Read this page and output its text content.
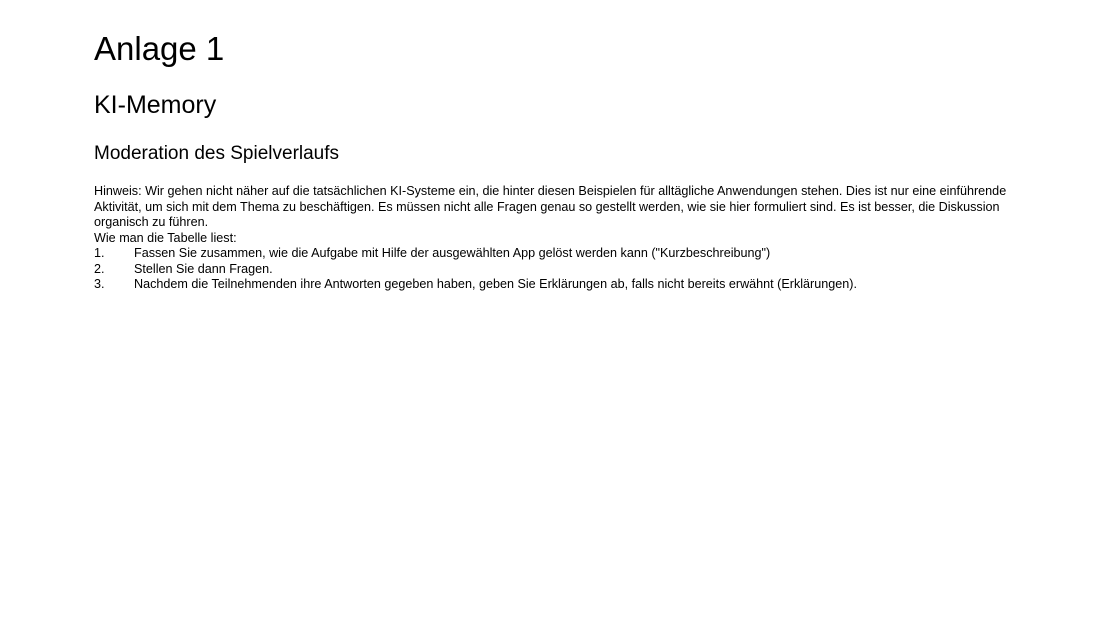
Anlage 1
KI-Memory
Moderation des Spielverlaufs

Hinweis: Wir gehen nicht näher auf die tatsächlichen KI-Systeme ein, die hinter diesen Beispielen für alltägliche Anwendungen stehen. Dies ist nur eine einführende Aktivität, um sich mit dem Thema zu beschäftigen. Es müssen nicht alle Fragen genau so gestellt werden, wie sie hier formuliert sind. Es ist besser, die Diskussion organisch zu führen.

Wie man die Tabelle liest:

1. Fassen Sie zusammen, wie die Aufgabe mit Hilfe der ausgewählten App gelöst werden kann ("Kurzbeschreibung")
2. Stellen Sie dann Fragen.
3. Nachdem die Teilnehmenden ihre Antworten gegeben haben, geben Sie Erklärungen ab, falls nicht bereits erwähnt (Erklärungen).
